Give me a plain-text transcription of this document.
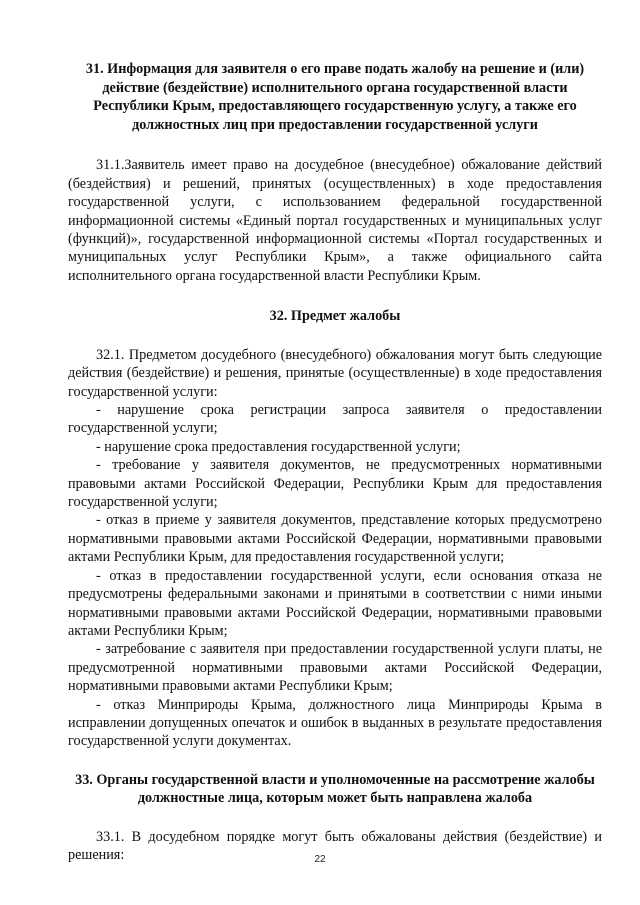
31. Информация для заявителя о его праве подать жалобу на решение и (или) действие (бездействие) исполнительного органа государственной власти Республики Крым, предоставляющего государственную услугу, а также его должностных лиц при предоставлении государственной услуги

31.1.Заявитель имеет право на досудебное (внесудебное) обжалование действий (бездействия) и решений, принятых (осуществленных) в ходе предоставления государственной услуги, с использованием федеральной государственной информационной системы «Единый портал государственных и муниципальных услуг (функций)», государственной информационной системы «Портал государственных и муниципальных услуг Республики Крым», а также официального сайта исполнительного органа государственной власти Республики Крым.

32. Предмет жалобы

32.1. Предметом досудебного (внесудебного) обжалования могут быть следующие действия (бездействие) и решения, принятые (осуществленные) в ходе предоставления государственной услуги:

- нарушение срока регистрации запроса заявителя о предоставлении государственной услуги;

- нарушение срока предоставления государственной услуги;

- требование у заявителя документов, не предусмотренных нормативными правовыми актами Российской Федерации, Республики Крым для предоставления государственной услуги;

- отказ в приеме у заявителя документов, представление которых предусмотрено нормативными правовыми актами Российской Федерации, нормативными правовыми актами Республики Крым, для предоставления государственной услуги;

- отказ в предоставлении государственной услуги, если основания отказа не предусмотрены федеральными законами и принятыми в соответствии с ними иными нормативными правовыми актами Российской Федерации, нормативными правовыми актами Республики Крым;

- затребование с заявителя при предоставлении государственной услуги платы, не предусмотренной нормативными правовыми актами Российской Федерации, нормативными правовыми актами Республики Крым;

- отказ Минприроды Крыма, должностного лица Минприроды Крыма в исправлении допущенных опечаток и ошибок в выданных в результате предоставления государственной услуги документах.

33. Органы государственной власти и уполномоченные на рассмотрение жалобы должностные лица, которым может быть направлена жалоба

33.1. В досудебном порядке могут быть обжалованы действия (бездействие) и решения:	22
